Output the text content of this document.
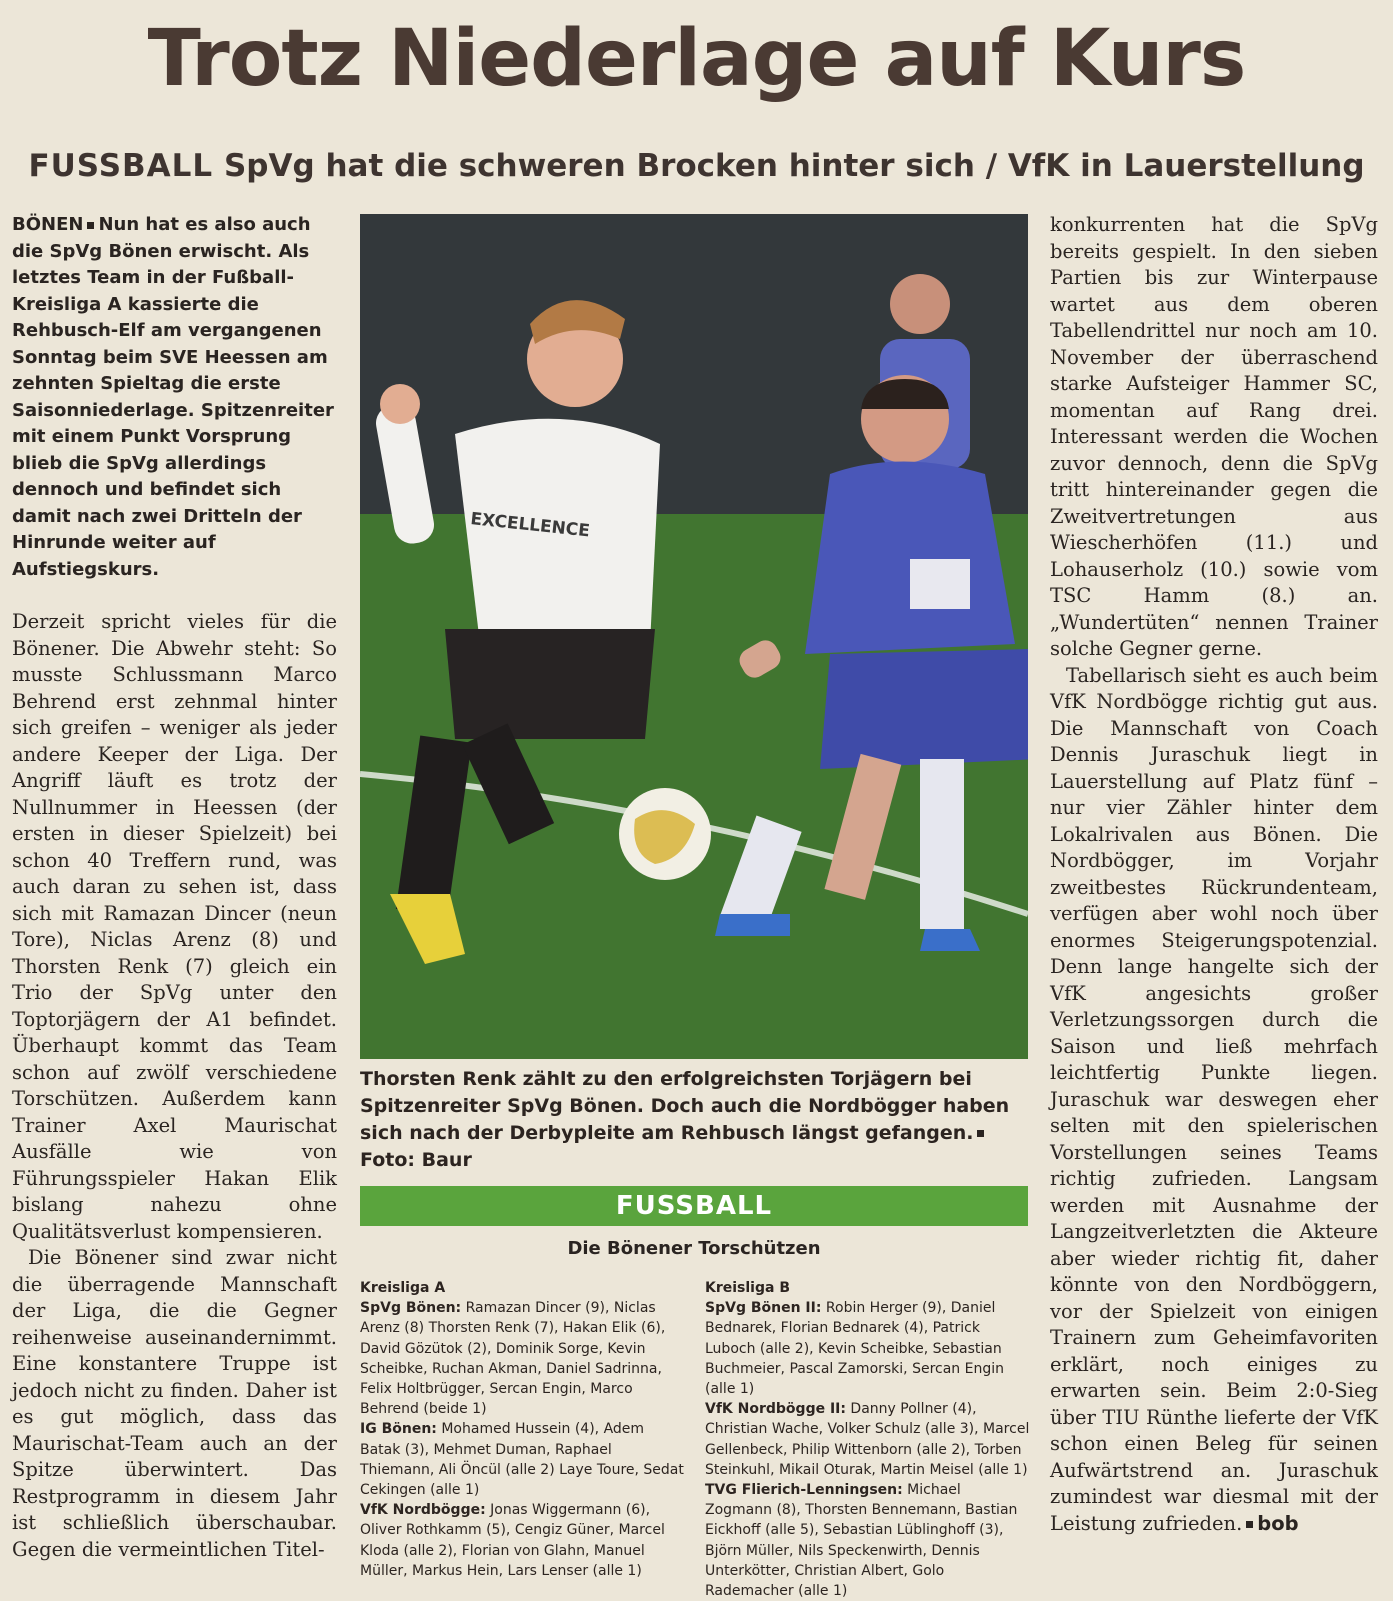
Trotz Niederlage auf Kurs
FUSSBALL SpVg hat die schweren Brocken hinter sich / VfK in Lauerstellung

BÖNEN Nun hat es also auch die SpVg Bönen erwischt. Als letztes Team in der Fußball-Kreisliga A kassierte die Rehbusch-Elf am vergangenen Sonntag beim SVE Heessen am zehnten Spieltag die erste Saisonniederlage. Spitzenreiter mit einem Punkt Vorsprung blieb die SpVg allerdings dennoch und befindet sich damit nach zwei Dritteln der Hinrunde weiter auf Aufstiegskurs.

Derzeit spricht vieles für die Bönener. Die Abwehr steht: So musste Schlussmann Marco Behrend erst zehnmal hinter sich greifen – weniger als jeder andere Keeper der Liga. Der Angriff läuft es trotz der Nullnummer in Heessen (der ersten in dieser Spielzeit) bei schon 40 Treffern rund, was auch daran zu sehen ist, dass sich mit Ramazan Dincer (neun Tore), Niclas Arenz (8) und Thorsten Renk (7) gleich ein Trio der SpVg unter den Toptorjägern der A1 befindet. Überhaupt kommt das Team schon auf zwölf verschiedene Torschützen. Außerdem kann Trainer Axel Maurischat Ausfälle wie von Führungsspieler Hakan Elik bislang nahezu ohne Qualitätsverlust kompensieren.

Die Bönener sind zwar nicht die überragende Mannschaft der Liga, die die Gegner reihenweise auseinandernimmt. Eine konstantere Truppe ist jedoch nicht zu finden. Daher ist es gut möglich, dass das Maurischat-Team auch an der Spitze überwintert. Das Restprogramm in diesem Jahr ist schließlich überschaubar. Gegen die vermeintlichen Titel-

EXCELLENCE
Thorsten Renk zählt zu den erfolgreichsten Torjägern bei Spitzenreiter SpVg Bönen. Doch auch die Nordbögger haben sich nach der Derbypleite am Rehbusch längst gefangen.Foto: Baur
FUSSBALL
Die Bönener Torschützen

Kreisliga A

SpVg Bönen: Ramazan Dincer (9), Niclas Arenz (8) Thorsten Renk (7), Hakan Elik (6), David Gözütok (2), Dominik Sorge, Kevin Scheibke, Ruchan Akman, Daniel Sadrinna, Felix Holtbrügger, Sercan Engin, Marco Behrend (beide 1)

IG Bönen: Mohamed Hussein (4), Adem Batak (3), Mehmet Duman, Raphael Thiemann, Ali Öncül (alle 2) Laye Toure, Sedat Cekingen (alle 1)

VfK Nordbögge: Jonas Wiggermann (6), Oliver Rothkamm (5), Cengiz Güner, Marcel Kloda (alle 2), Florian von Glahn, Manuel Müller, Markus Hein, Lars Lenser (alle 1)

Kreisliga B

SpVg Bönen II: Robin Herger (9), Daniel Bednarek, Florian Bednarek (4), Patrick Luboch (alle 2), Kevin Scheibke, Sebastian Buchmeier, Pascal Zamorski, Sercan Engin (alle 1)

VfK Nordbögge II: Danny Pollner (4), Christian Wache, Volker Schulz (alle 3), Marcel Gellenbeck, Philip Wittenborn (alle 2), Torben Steinkuhl, Mikail Oturak, Martin Meisel (alle 1)

TVG Flierich-Lenningsen: Michael Zogmann (8), Thorsten Bennemann, Bastian Eickhoff (alle 5), Sebastian Lüblinghoff (3), Björn Müller, Nils Speckenwirth, Dennis Unterkötter, Christian Albert, Golo Rademacher (alle 1)

konkurrenten hat die SpVg bereits gespielt. In den sieben Partien bis zur Winterpause wartet aus dem oberen Tabellendrittel nur noch am 10. November der überraschend starke Aufsteiger Hammer SC, momentan auf Rang drei. Interessant werden die Wochen zuvor dennoch, denn die SpVg tritt hintereinander gegen die Zweitvertretungen aus Wiescherhöfen (11.) und Lohauserholz (10.) sowie vom TSC Hamm (8.) an. „Wundertüten“ nennen Trainer solche Gegner gerne.

Tabellarisch sieht es auch beim VfK Nordbögge richtig gut aus. Die Mannschaft von Coach Dennis Juraschuk liegt in Lauerstellung auf Platz fünf – nur vier Zähler hinter dem Lokalrivalen aus Bönen. Die Nordbögger, im Vorjahr zweitbestes Rückrundenteam, verfügen aber wohl noch über enormes Steigerungspotenzial. Denn lange hangelte sich der VfK angesichts großer Verletzungssorgen durch die Saison und ließ mehrfach leichtfertig Punkte liegen. Juraschuk war deswegen eher selten mit den spielerischen Vorstellungen seines Teams richtig zufrieden. Langsam werden mit Ausnahme der Langzeitverletzten die Akteure aber wieder richtig fit, daher könnte von den Nordböggern, vor der Spielzeit von einigen Trainern zum Geheimfavoriten erklärt, noch einiges zu erwarten sein. Beim 2:0-Sieg über TIU Rünthe lieferte der VfK schon einen Beleg für seinen Aufwärtstrend an. Juraschuk zumindest war diesmal mit der Leistung zufrieden. bob
